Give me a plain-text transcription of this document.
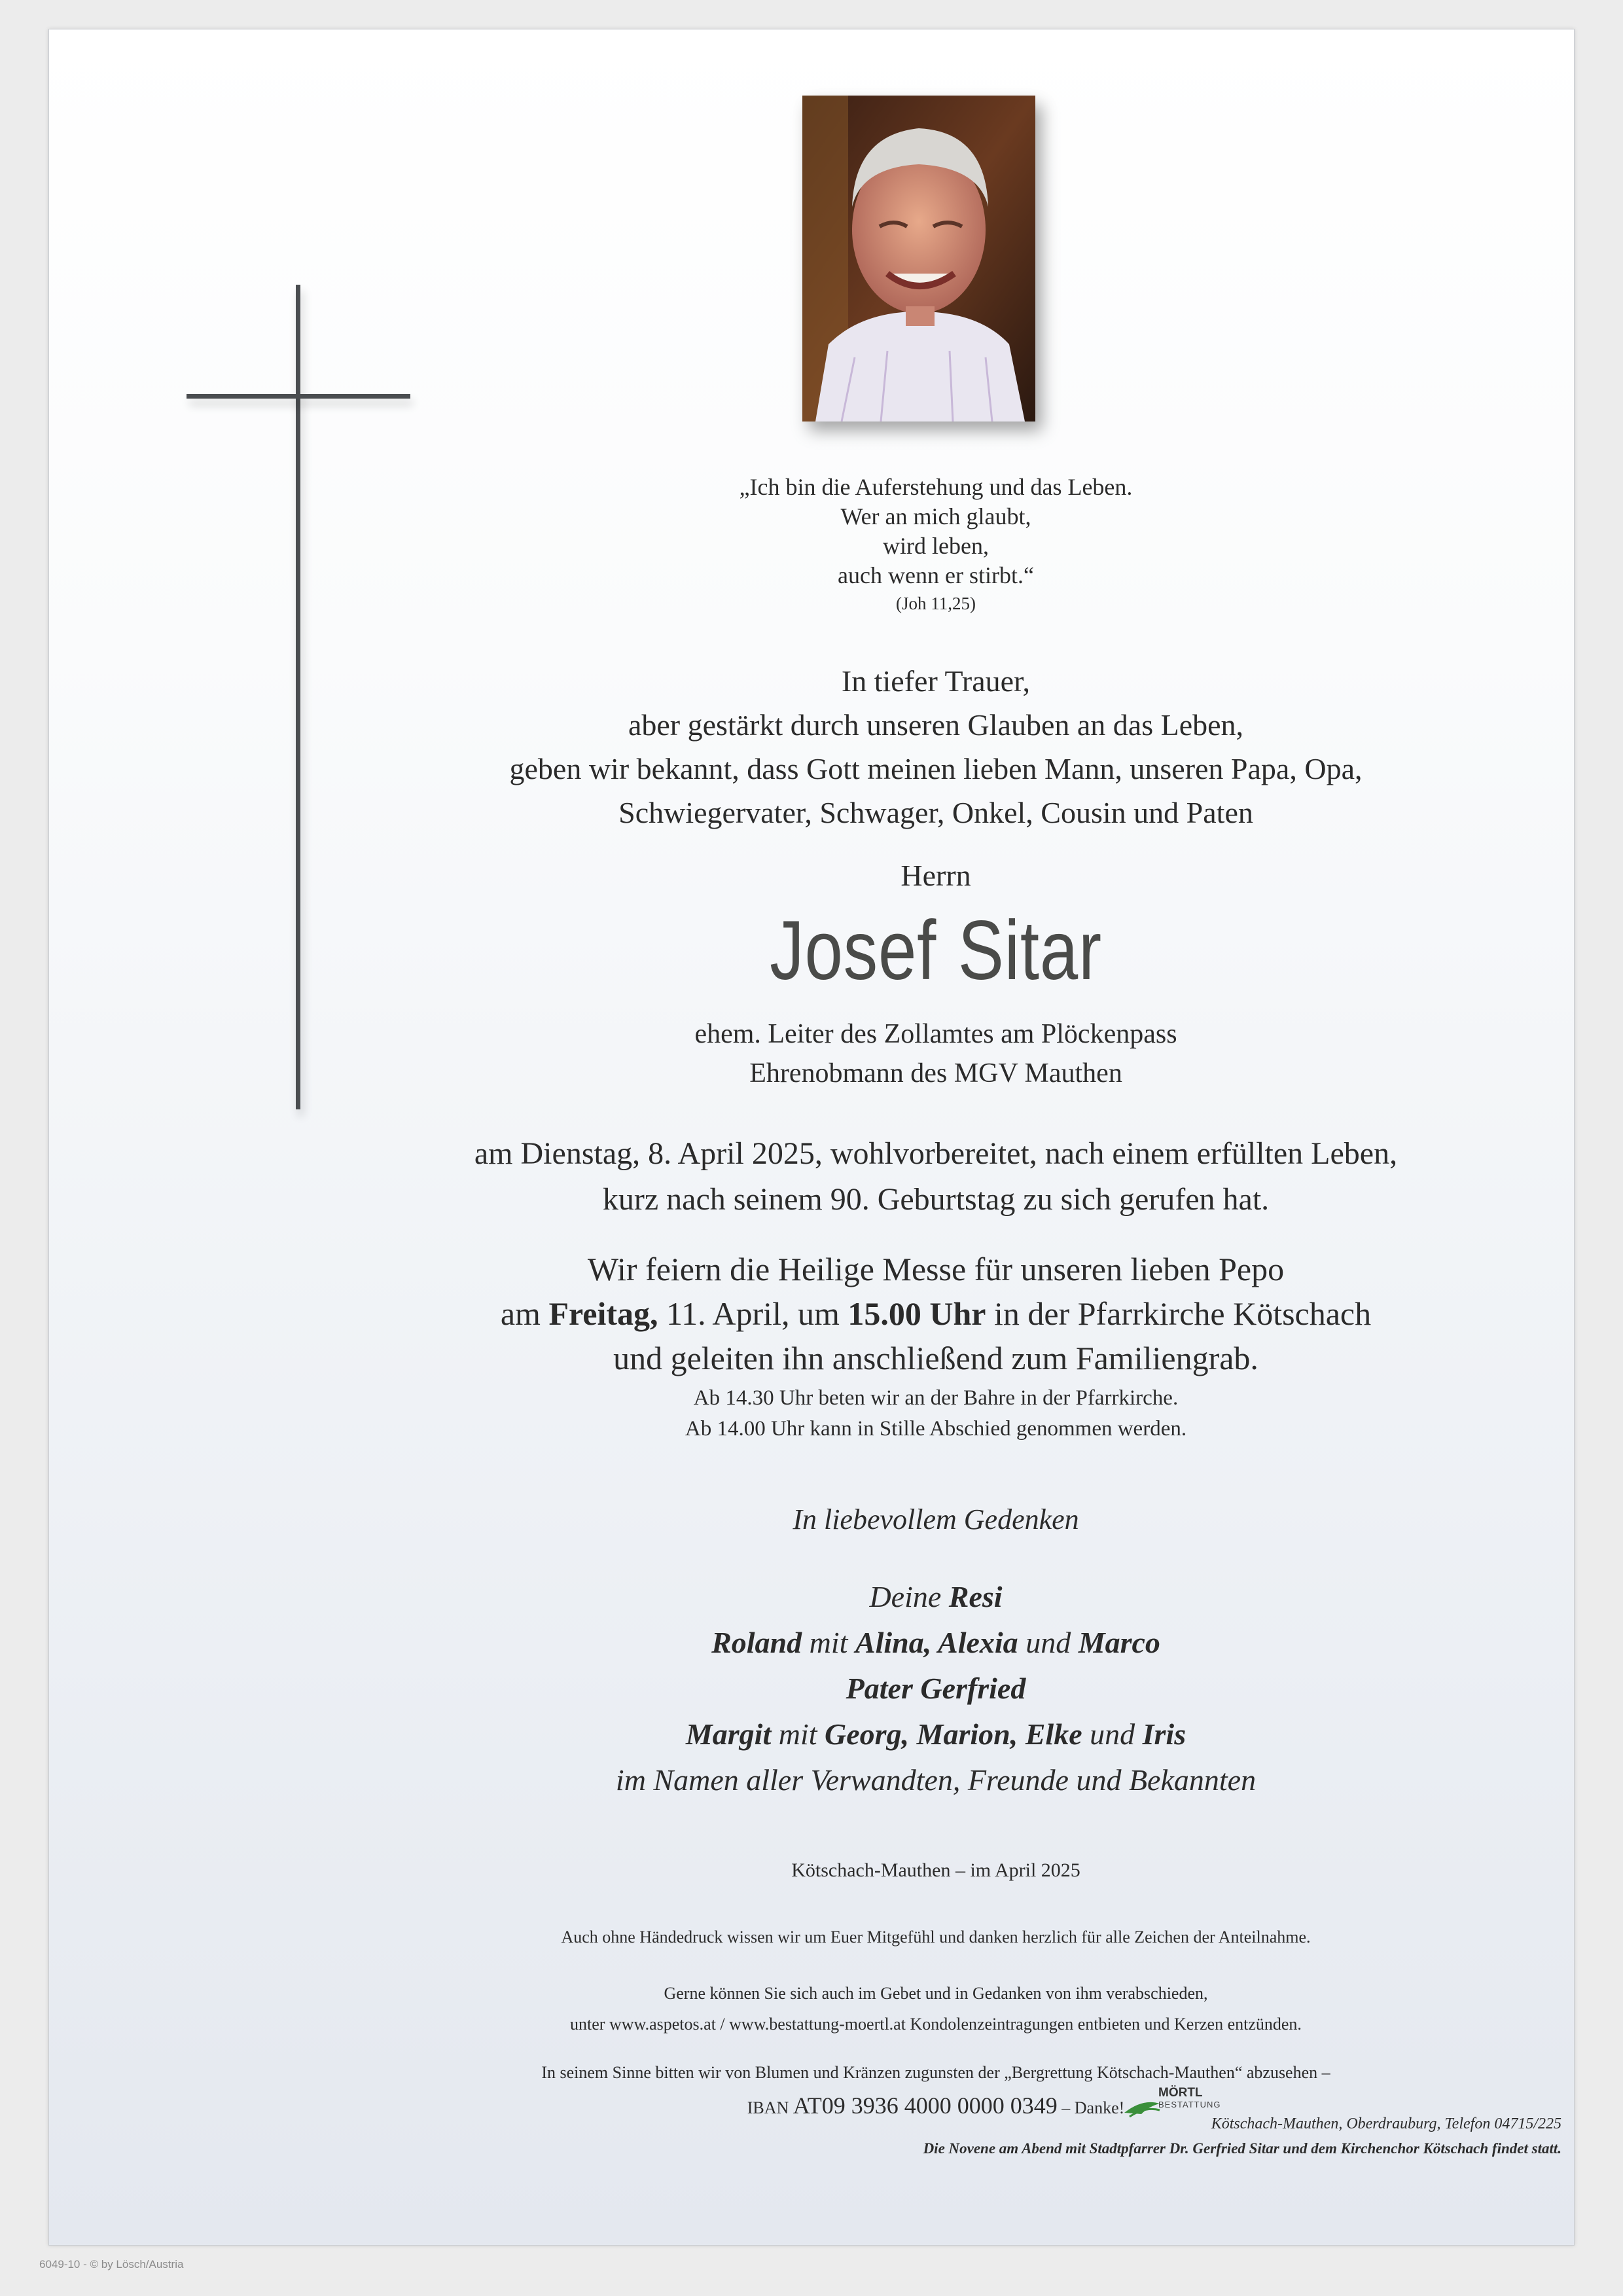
„Ich bin die Auferstehung und das Leben.
Wer an mich glaubt,
wird leben,
auch wenn er stirbt.“
(Joh 11,25)
In tiefer Trauer,
aber gestärkt durch unseren Glauben an das Leben,
geben wir bekannt, dass Gott meinen lieben Mann, unseren Papa, Opa,
Schwiegervater, Schwager, Onkel, Cousin und Paten
Herrn
Josef Sitar
ehem. Leiter des Zollamtes am Plöckenpass
Ehrenobmann des MGV Mauthen
am Dienstag, 8. April 2025, wohlvorbereitet, nach einem erfüllten Leben,
kurz nach seinem 90. Geburtstag zu sich gerufen hat.
Wir feiern die Heilige Messe für unseren lieben Pepo
am Freitag, 11. April, um 15.00 Uhr in der Pfarrkirche Kötschach
und geleiten ihn anschließend zum Familiengrab.
Ab 14.30 Uhr beten wir an der Bahre in der Pfarrkirche.
Ab 14.00 Uhr kann in Stille Abschied genommen werden.
In liebevollem Gedenken
Deine Resi
Roland mit Alina, Alexia und Marco
Pater Gerfried
Margit mit Georg, Marion, Elke und Iris
im Namen aller Verwandten, Freunde und Bekannten
Kötschach-Mauthen – im April 2025
Auch ohne Händedruck wissen wir um Euer Mitgefühl und danken herzlich für alle Zeichen der Anteilnahme.
Gerne können Sie sich auch im Gebet und in Gedanken von ihm verabschieden,
unter www.aspetos.at / www.bestattung-moertl.at Kondolenzeintragungen entbieten und Kerzen entzünden.
In seinem Sinne bitten wir von Blumen und Kränzen zugunsten der „Bergrettung Kötschach-Mauthen“ abzusehen –
IBAN AT09 3936 4000 0000 0349 – Danke!
MÖRTL
BESTATTUNG
Kötschach-Mauthen, Oberdrauburg, Telefon 04715/225
Die Novene am Abend mit Stadtpfarrer Dr. Gerfried Sitar und dem Kirchenchor Kötschach findet statt.
6049-10 - © by Lösch/Austria
